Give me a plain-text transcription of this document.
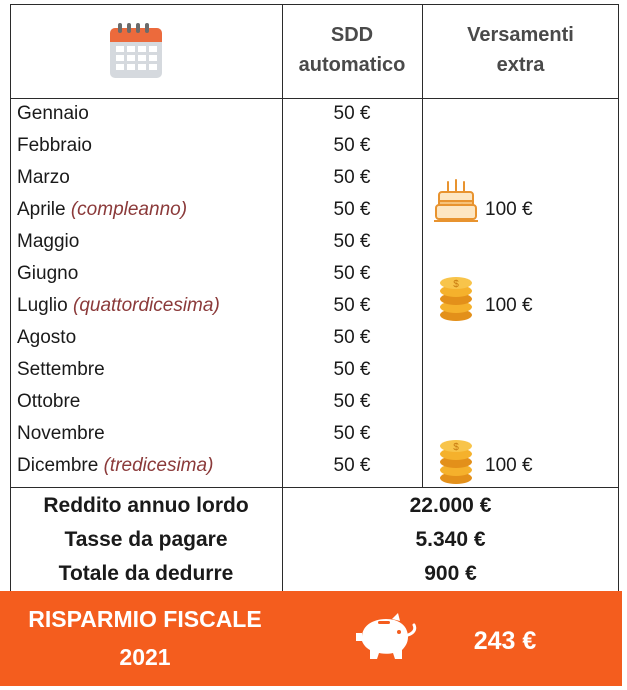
SDD
automatico
Versamenti
extra
Gennaio	50 €
Febbraio	50 €
Marzo	50 €
Aprile (compleanno)	50 €	100 €
Maggio	50 €
Giugno	50 €
Luglio (quattordicesima)	50 €	100 €
Agosto	50 €
Settembre	50 €
Ottobre	50 €
Novembre	50 €
Dicembre (tredicesima)	50 €	100 €
$
$
Reddito annuo lordo	22.000 €
Tasse da pagare	5.340 €
Totale da dedurre	900 €
RISPARMIO FISCALE
2021
243 €
